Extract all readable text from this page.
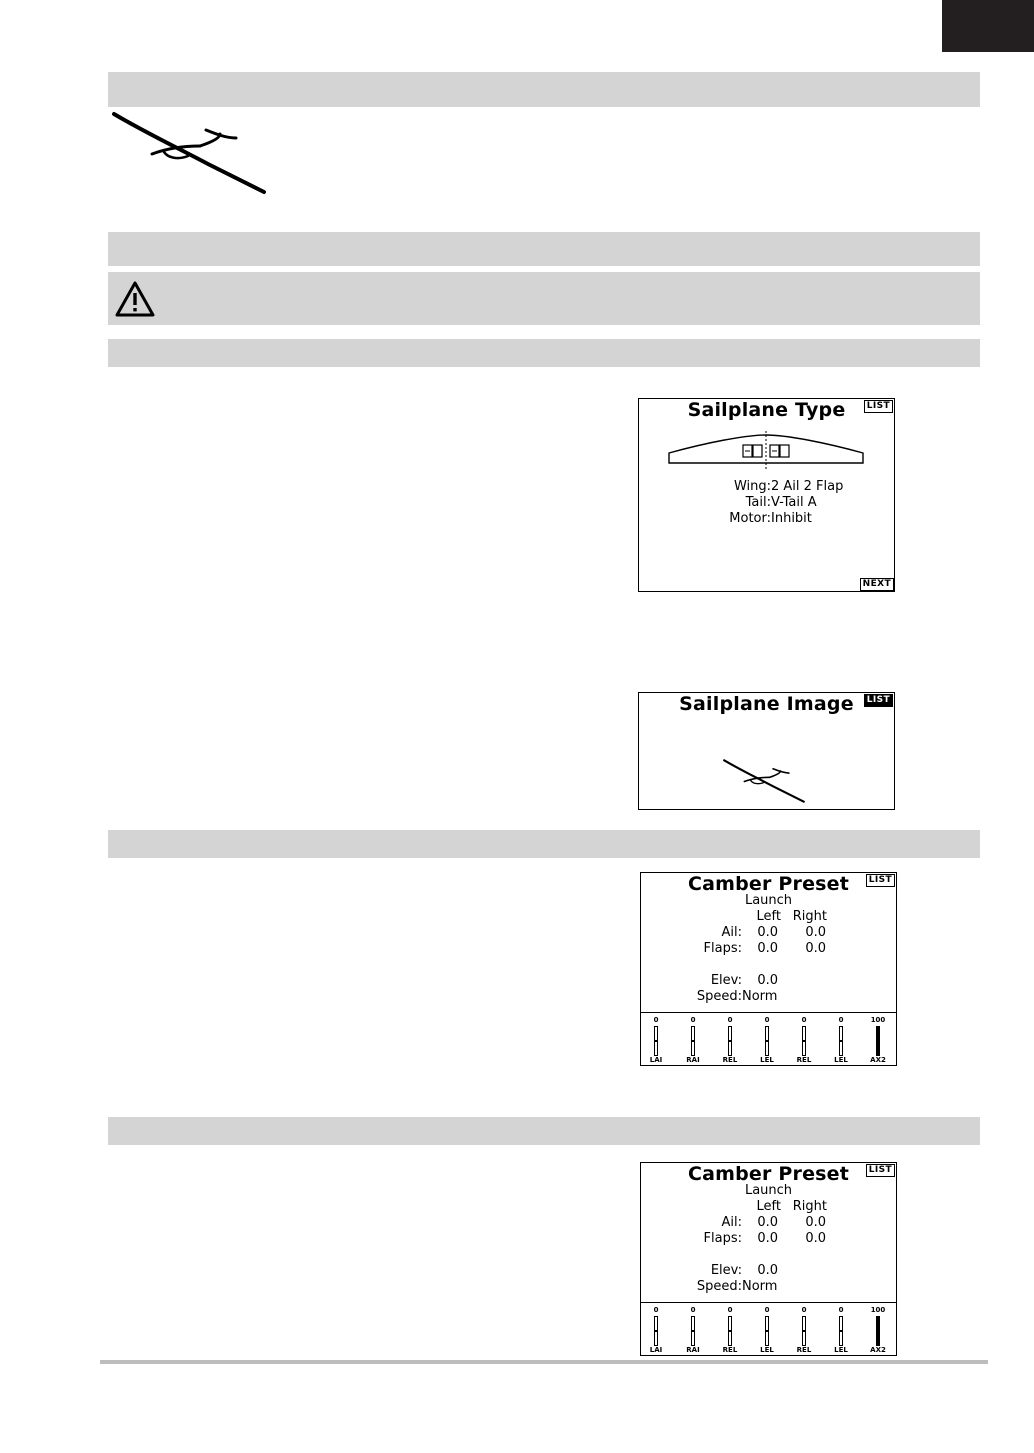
Sailplane Type	LIST
Wing:2 Ail 2 Flap
Tail:V-Tail A
Motor:Inhibit
NEXT
Sailplane Image	LIST
Camber Preset	LIST
Launch
Left Right
Ail: 0.0 0.0
Flaps: 0.0 0.0
Elev: 0.0
Speed:Norm
0
LAI
0
RAI
0
REL
0
LEL
0
REL
0
LEL
100
AX2
Camber Preset	LIST
Launch
Left Right
Ail: 0.0 0.0
Flaps: 0.0 0.0
Elev: 0.0
Speed:Norm
0
LAI
0
RAI
0
REL
0
LEL
0
REL
0
LEL
100
AX2
